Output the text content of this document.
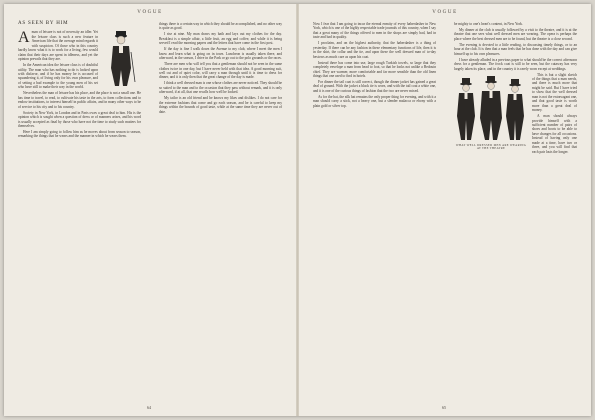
VOGUE
AS SEEN BY HIM
A man of leisure is not of necessity an idler. Yet the leisure class is such a new feature in American life that the average mind regards it with suspicion. Of those who in this country hardly know what it is to work for a living, few would claim that their days are spent in idleness, and yet the opinion prevails that they are.

In the American idea the leisure class is of doubtful utility. The man who has nothing to do is looked upon with disfavor, and if he has money he is accused of squandering it, of living only for his own pleasure, and of setting a bad example to the young men of his set who have still to make their way in the world.

Nevertheless the man of leisure has his place, and the place is not a small one. He has time to travel, to read, to cultivate his taste in the arts, to form collections and to endow institutions, to interest himself in public affairs, and in many other ways to be of service to his city and to his country.

Society in New York, in London and in Paris owes a great deal to him. His is the opinion which is sought when a question of dress or of manners arises, and his word is usually accepted as final by those who have not the time to study such matters for themselves.

Here I am simply going to follow him as he moves about from season to season, remarking the things that he wears and the manner in which he wears them.

things there is a certain way in which they should be accomplished, and no other way is quite as good.

I rise at nine. My man draws my bath and lays out my clothes for the day. Breakfast is a simple affair, a little fruit, an egg and coffee, and while it is being served I read the morning papers and the letters that have come in the first post.

If the day is fine I walk down the Avenue to my club, where I meet the men I know and learn what is going on in town. Luncheon is usually taken there, and afterward, in the season, I drive in the Park or go out to the polo grounds or the races.

There are men who will tell you that a gentleman should not be seen in the same clothes twice in one day, but I have never held with that idea. A good morning suit, well cut and of quiet color, will carry a man through until it is time to dress for dinner, and it is only then that the great change of the day is made.

I think a well dressed man is one whose clothes are never noticed. They should be so suited to the man and to the occasion that they pass without remark, and it is only afterward, if at all, that one recalls how well he looked.

My tailor is an old friend and he knows my likes and dislikes. I do not care for the extreme fashions that come and go each season, and he is careful to keep my things within the bounds of good taste, while at the same time they are never out of date.

64
VOGUE

Now I fear that I am going to incur the eternal enmity of every haberdasher in New York, which is one of the highly respectable trade journals of this country, when I say that a great many of the things offered to men in the shops are simply bad, bad in taste and bad in quality.

I proclaim, and on the highest authority, that the haberdasher is a thing of yesterday. If there can be any fashion in these elementary functions of life, then it is in the shirt, the collar and the tie, and upon these the well dressed man of to-day bestows as much care as upon his coat.

Instead there has come into use, large rough Turkish towels, so large that they completely envelope a man from head to foot, so that he looks not unlike a Bedouin chief. They are warmer, more comfortable and far more sensible than the old linen things that one used to find in hotels.

For dinner the tail coat is still correct, though the dinner jacket has gained a great deal of ground. With the jacket a black tie is worn, and with the tail coat a white one, and it is one of the curious things of fashion that the two are never mixed.

As for the hat, the silk hat remains the only proper thing for evening, and with it a man should carry a stick, not a heavy one, but a slender malacca or ebony with a plain gold or silver top.

be mighty to one's heart's content, in New York.

My dinner at the club is usually followed by a visit to the theatre, and it is at the theatre that one sees what well dressed men are wearing. The opera is perhaps the place where the best dressed men are to be found, but the theatre is a close second.

The evening is devoted to a little reading, to discussing timely things, or to an hour at the club. It is then that a man feels that he has done with the day and can give himself up to his own pleasures.

I have already alluded in a previous paper to what should be the correct afternoon dress for a gentleman. The frock coat is still to be seen, but the cutaway has very largely taken its place, and in the country it is rarely worn except at weddings.

WHAT WELL DRESSED MEN ARE WEARING AT THE THEATRE

This is but a slight sketch of the things that a man needs, and there is much more that might be said. But I have tried to show that the well dressed man is not the extravagant one, and that good taste is worth more than a great deal of money.

A man should always provide himself with a sufficient number of pairs of shoes and boots to be able to have changes for all occasions. Instead of having only one made at a time, have two or three, and you will find that each pair lasts the longer.

65
